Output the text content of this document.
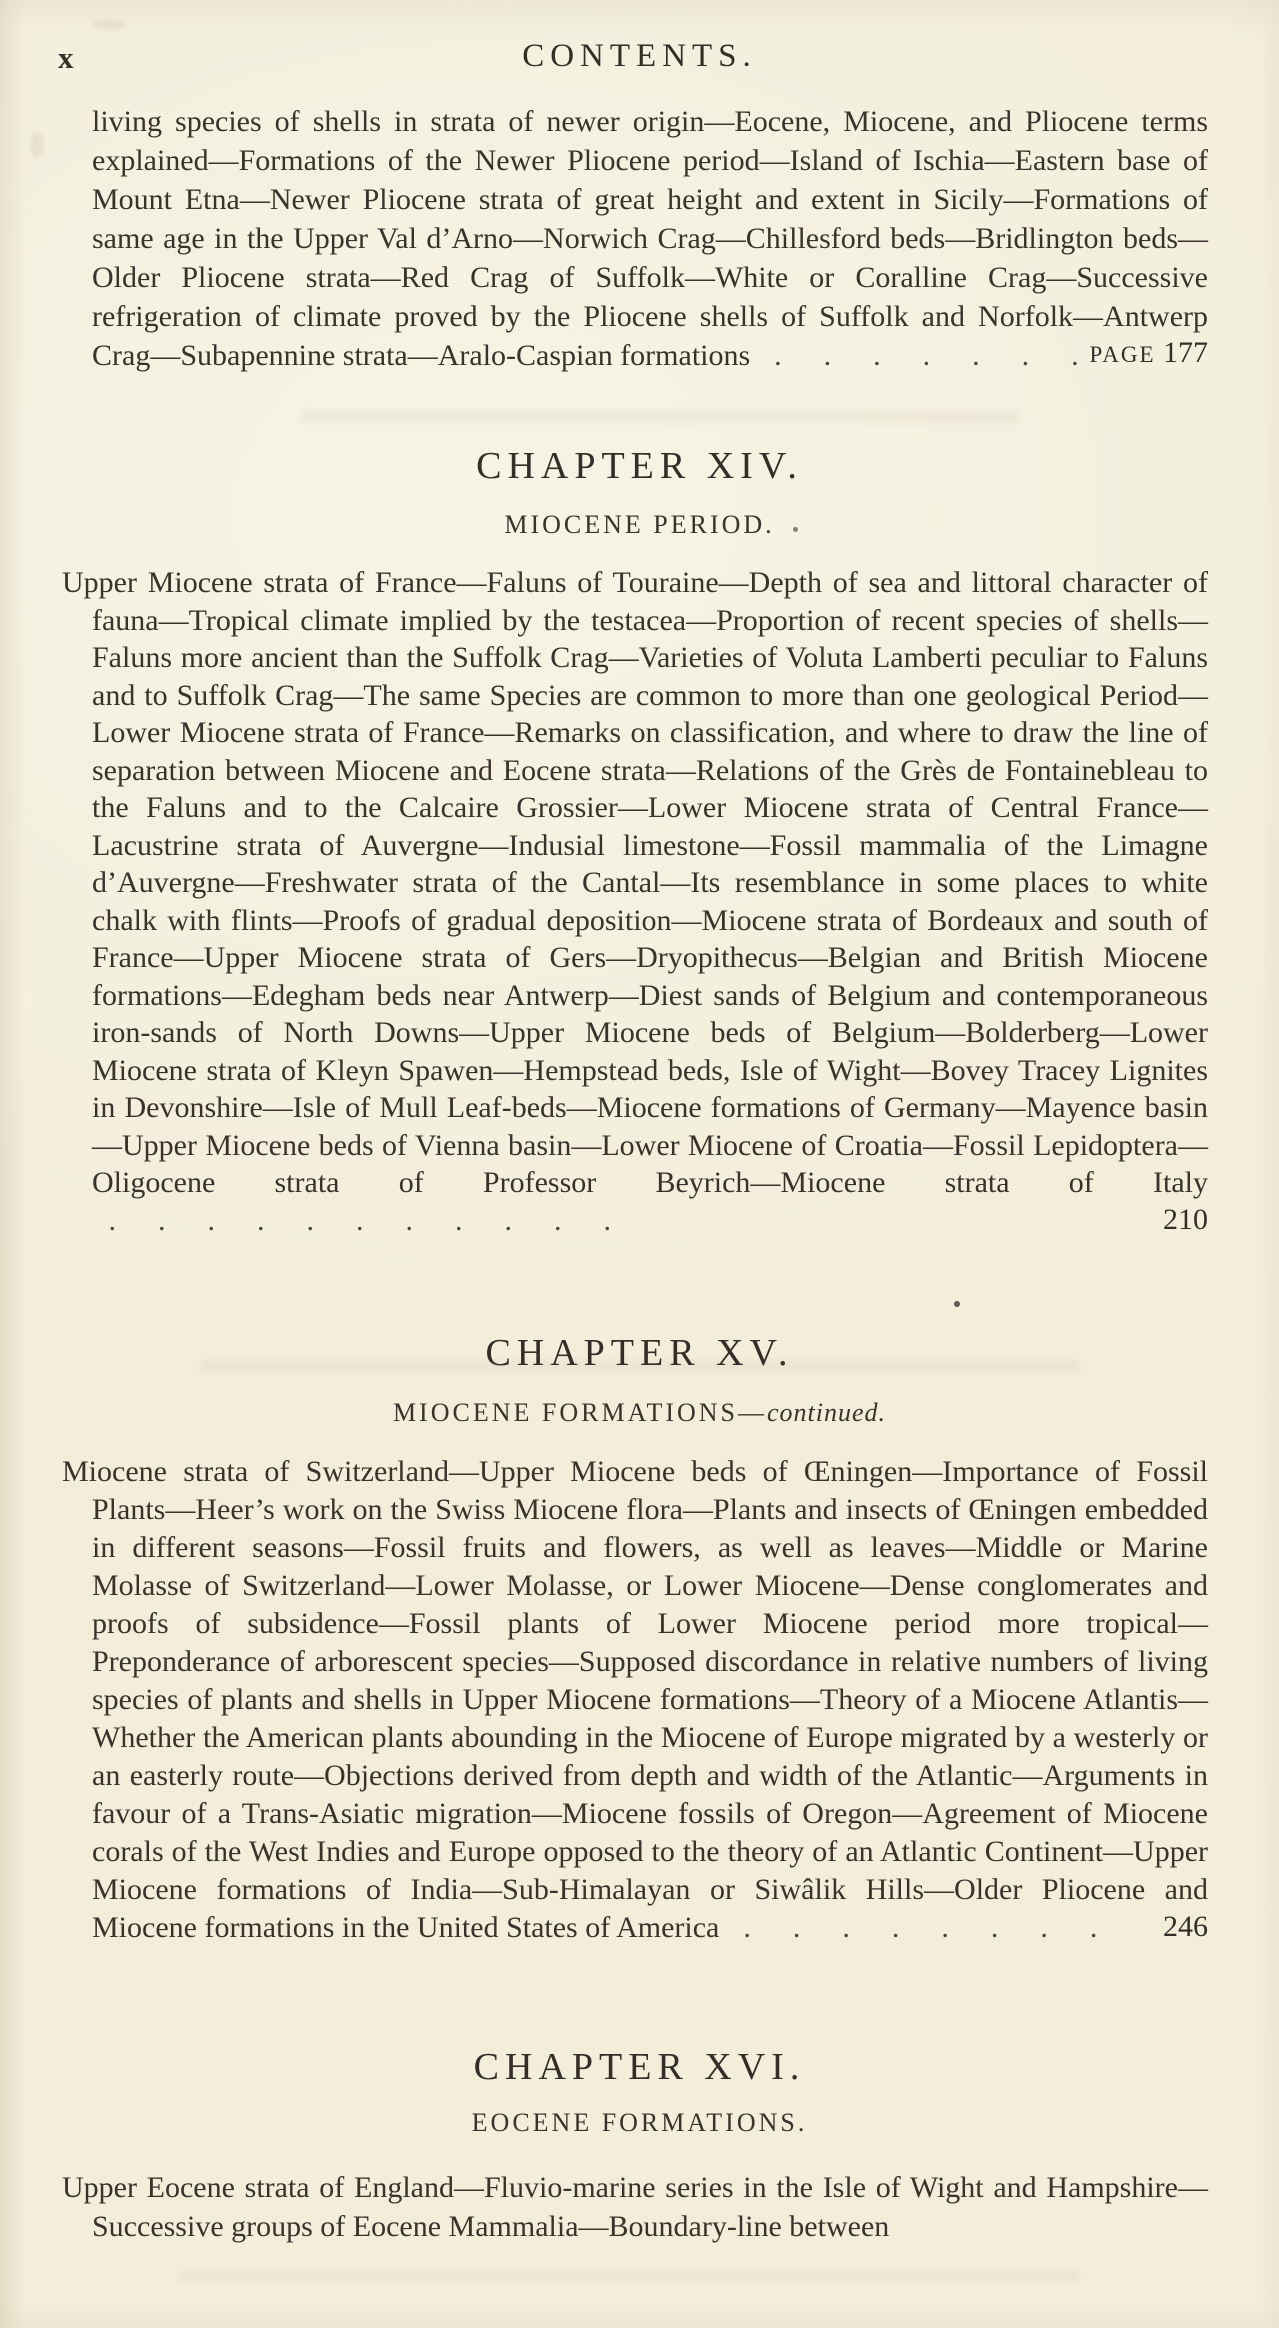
x	CONTENTS.

living species of shells in strata of newer origin—Eocene, Miocene, and Pliocene terms explained—Formations of the Newer Pliocene period—Island of Ischia—Eastern base of Mount Etna—Newer Pliocene strata of great height and extent in Sicily—Formations of same age in the Upper Val d’Arno—Norwich Crag—Chillesford beds—Bridlington beds—Older Pliocene strata—Red Crag of Suffolk—White or Coralline Crag—Successive refrigeration of climate proved by the Pliocene shells of Suffolk and Norfolk—Antwerp Crag—Subapennine strata—Aralo-Caspian formations . . . . . . . PAGE 177

CHAPTER XIV.
MIOCENE PERIOD.

Upper Miocene strata of France—Faluns of Touraine—Depth of sea and littoral character of fauna—Tropical climate implied by the testacea—Proportion of recent species of shells—Faluns more ancient than the Suffolk Crag—Varieties of Voluta Lamberti peculiar to Faluns and to Suffolk Crag—The same Species are common to more than one geological Period—Lower Miocene strata of France—Remarks on classification, and where to draw the line of separation between Miocene and Eocene strata—Relations of the Grès de Fontainebleau to the Faluns and to the Calcaire Grossier—Lower Miocene strata of Central France—Lacustrine strata of Auvergne—Indusial limestone—Fossil mammalia of the Limagne d’Auvergne—Freshwater strata of the Cantal—Its resemblance in some places to white chalk with flints—Proofs of gradual deposition—Miocene strata of Bordeaux and south of France—Upper Miocene strata of Gers—Dryopithecus—Belgian and British Miocene formations—Edegham beds near Antwerp—Diest sands of Belgium and contemporaneous iron-sands of North Downs—Upper Miocene beds of Belgium—Bolderberg—Lower Miocene strata of Kleyn Spawen—Hempstead beds, Isle of Wight—Bovey Tracey Lignites in Devonshire—Isle of Mull Leaf-beds—Miocene formations of Germany—Mayence basin—Upper Miocene beds of Vienna basin—Lower Miocene of Croatia—Fossil Lepidoptera—Oligocene strata of Professor Beyrich—Miocene strata of Italy . . . . . . . . . . .	210

CHAPTER XV.
MIOCENE FORMATIONS—continued.

Miocene strata of Switzerland—Upper Miocene beds of Œningen—Importance of Fossil Plants—Heer’s work on the Swiss Miocene flora—Plants and insects of Œningen embedded in different seasons—Fossil fruits and flowers, as well as leaves—Middle or Marine Molasse of Switzerland—Lower Molasse, or Lower Miocene—Dense conglomerates and proofs of subsidence—Fossil plants of Lower Miocene period more tropical—Preponderance of arborescent species—Supposed discordance in relative numbers of living species of plants and shells in Upper Miocene formations—Theory of a Miocene Atlantis—Whether the American plants abounding in the Miocene of Europe migrated by a westerly or an easterly route—Objections derived from depth and width of the Atlantic—Arguments in favour of a Trans-Asiatic migration—Miocene fossils of Oregon—Agreement of Miocene corals of the West Indies and Europe opposed to the theory of an Atlantic Continent—Upper Miocene formations of India—Sub-Himalayan or Siwâlik Hills—Older Pliocene and Miocene formations in the United States of America . . . . . . . . 246

CHAPTER XVI.
EOCENE FORMATIONS.

Upper Eocene strata of England—Fluvio-marine series in the Isle of Wight and Hampshire—Successive groups of Eocene Mammalia—Boundary-line between
